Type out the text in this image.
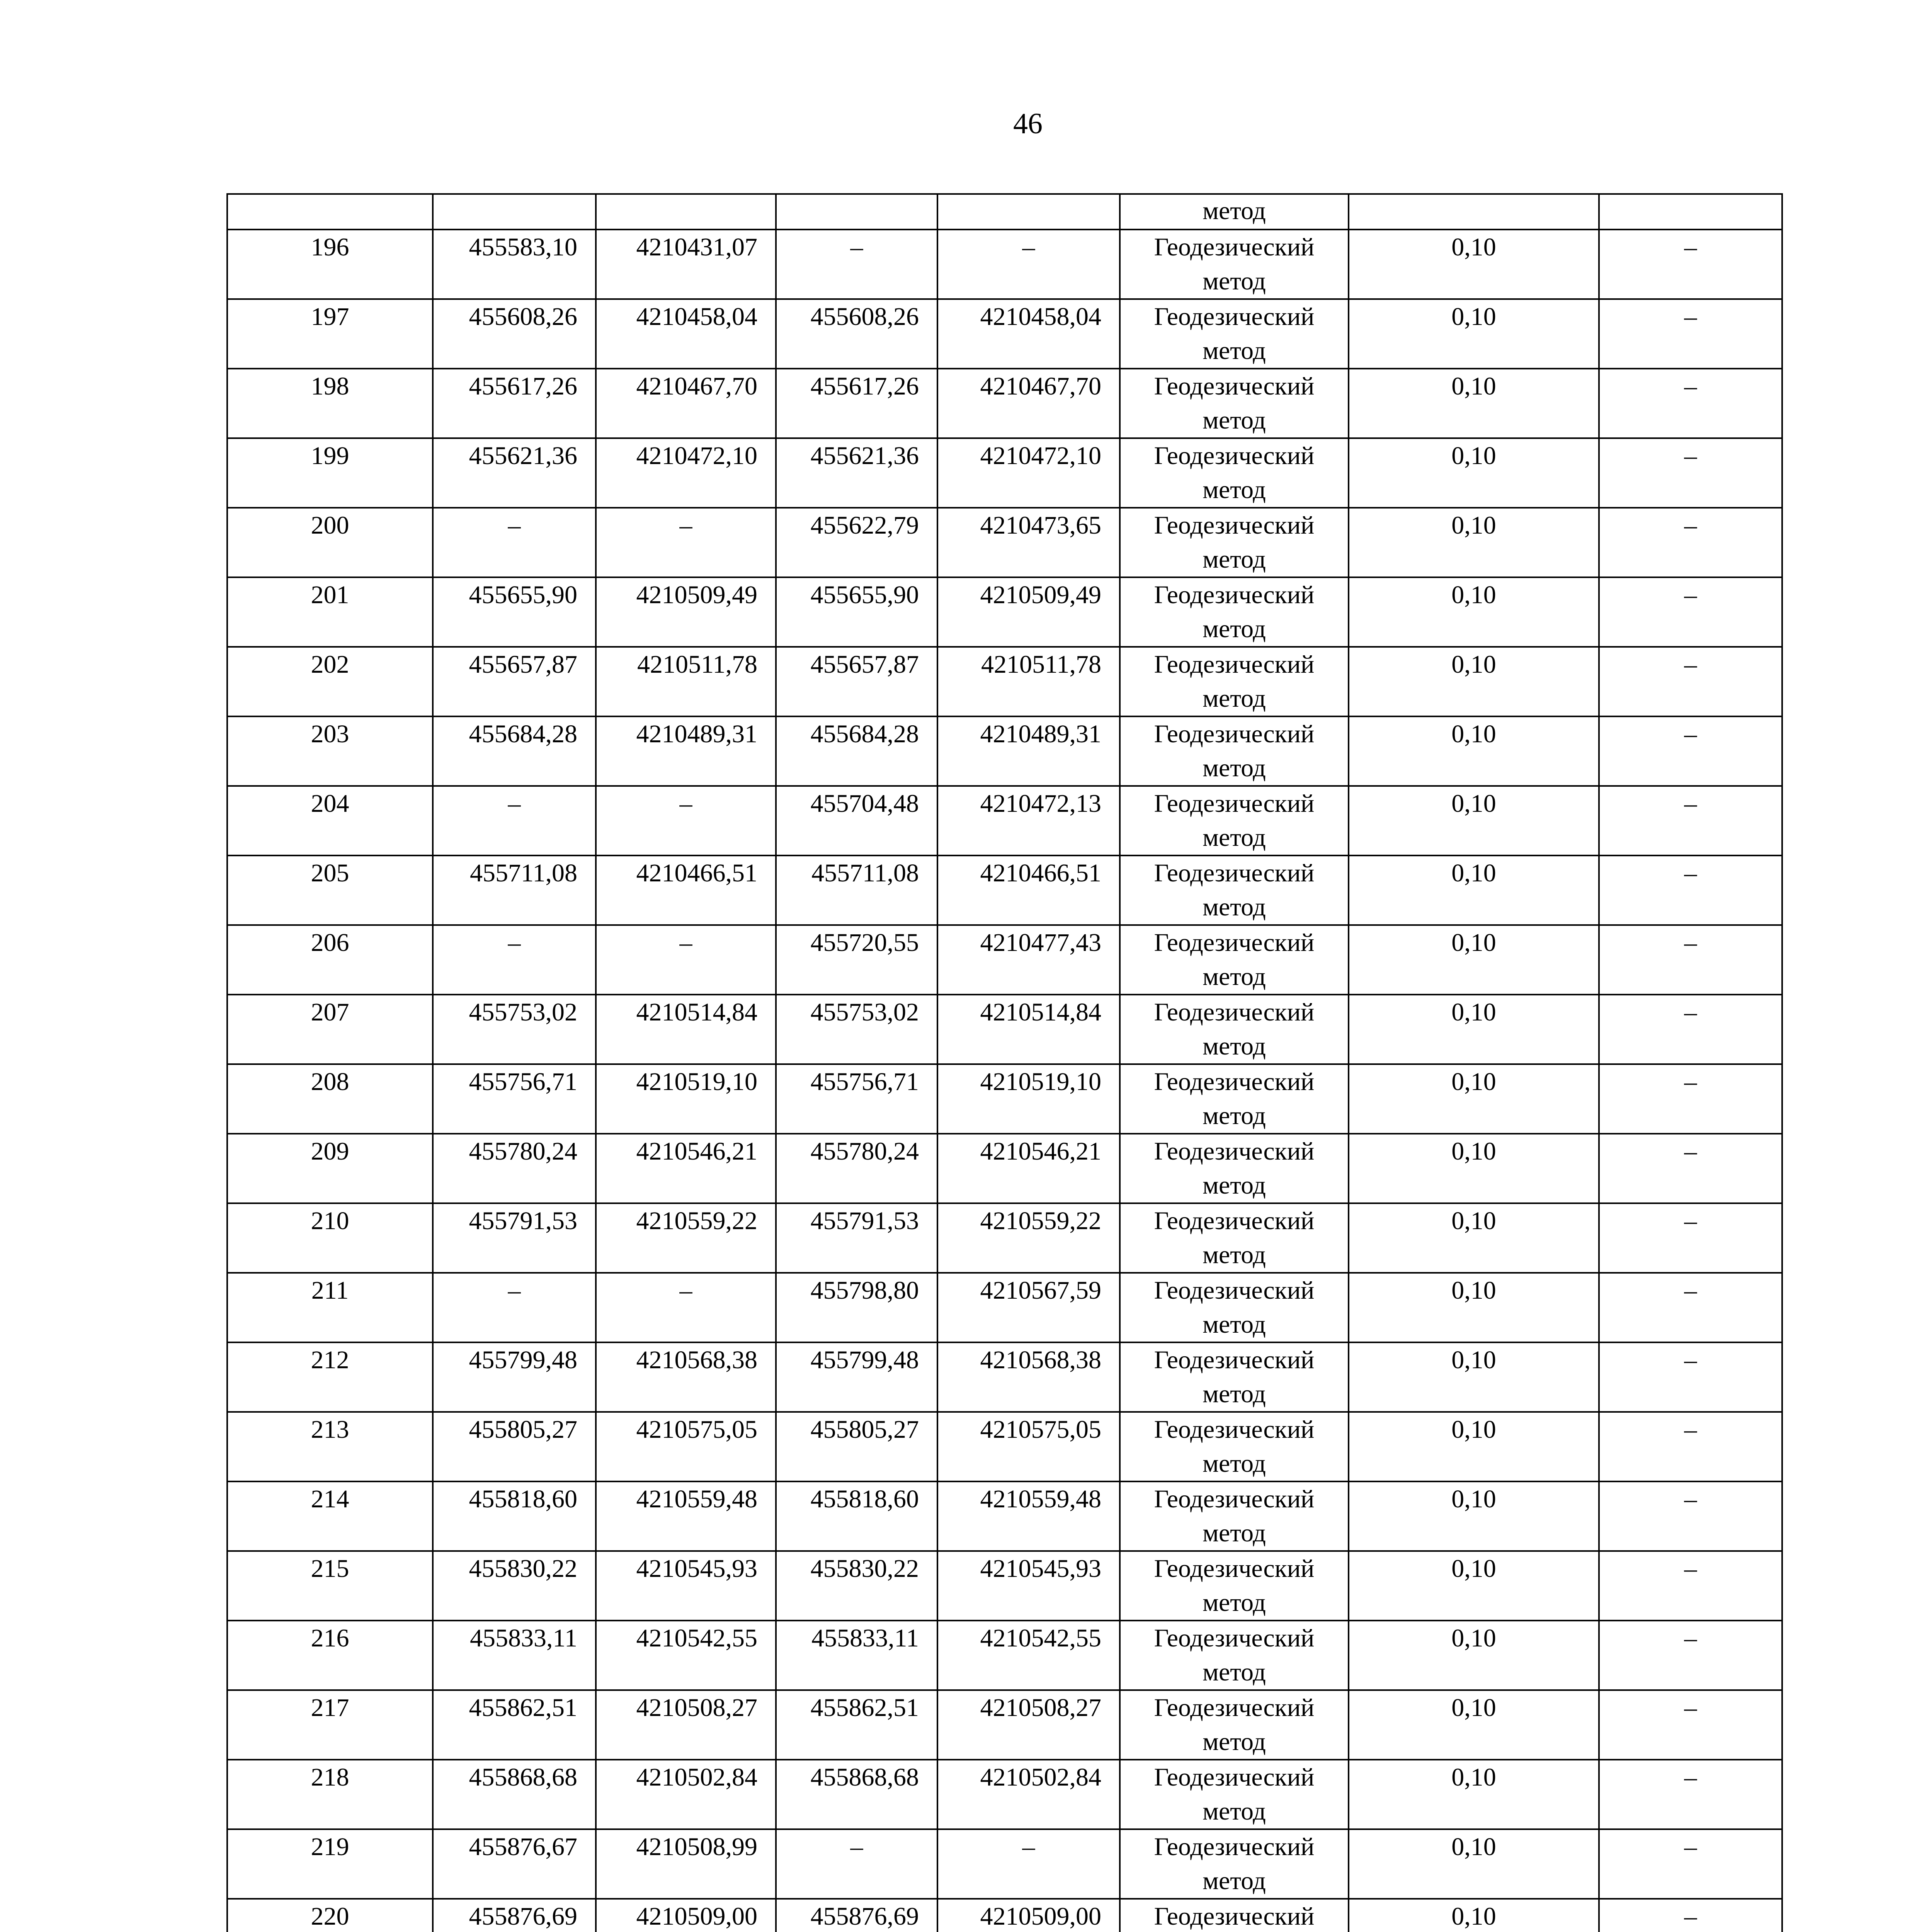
46
					метод		
196	455583,10	4210431,07	–	–	Геодезический метод	0,10	–
197	455608,26	4210458,04	455608,26	4210458,04	Геодезический метод	0,10	–
198	455617,26	4210467,70	455617,26	4210467,70	Геодезический метод	0,10	–
199	455621,36	4210472,10	455621,36	4210472,10	Геодезический метод	0,10	–
200	–	–	455622,79	4210473,65	Геодезический метод	0,10	–
201	455655,90	4210509,49	455655,90	4210509,49	Геодезический метод	0,10	–
202	455657,87	4210511,78	455657,87	4210511,78	Геодезический метод	0,10	–
203	455684,28	4210489,31	455684,28	4210489,31	Геодезический метод	0,10	–
204	–	–	455704,48	4210472,13	Геодезический метод	0,10	–
205	455711,08	4210466,51	455711,08	4210466,51	Геодезический метод	0,10	–
206	–	–	455720,55	4210477,43	Геодезический метод	0,10	–
207	455753,02	4210514,84	455753,02	4210514,84	Геодезический метод	0,10	–
208	455756,71	4210519,10	455756,71	4210519,10	Геодезический метод	0,10	–
209	455780,24	4210546,21	455780,24	4210546,21	Геодезический метод	0,10	–
210	455791,53	4210559,22	455791,53	4210559,22	Геодезический метод	0,10	–
211	–	–	455798,80	4210567,59	Геодезический метод	0,10	–
212	455799,48	4210568,38	455799,48	4210568,38	Геодезический метод	0,10	–
213	455805,27	4210575,05	455805,27	4210575,05	Геодезический метод	0,10	–
214	455818,60	4210559,48	455818,60	4210559,48	Геодезический метод	0,10	–
215	455830,22	4210545,93	455830,22	4210545,93	Геодезический метод	0,10	–
216	455833,11	4210542,55	455833,11	4210542,55	Геодезический метод	0,10	–
217	455862,51	4210508,27	455862,51	4210508,27	Геодезический метод	0,10	–
218	455868,68	4210502,84	455868,68	4210502,84	Геодезический метод	0,10	–
219	455876,67	4210508,99	–	–	Геодезический метод	0,10	–
220	455876,69	4210509,00	455876,69	4210509,00	Геодезический	0,10	–
